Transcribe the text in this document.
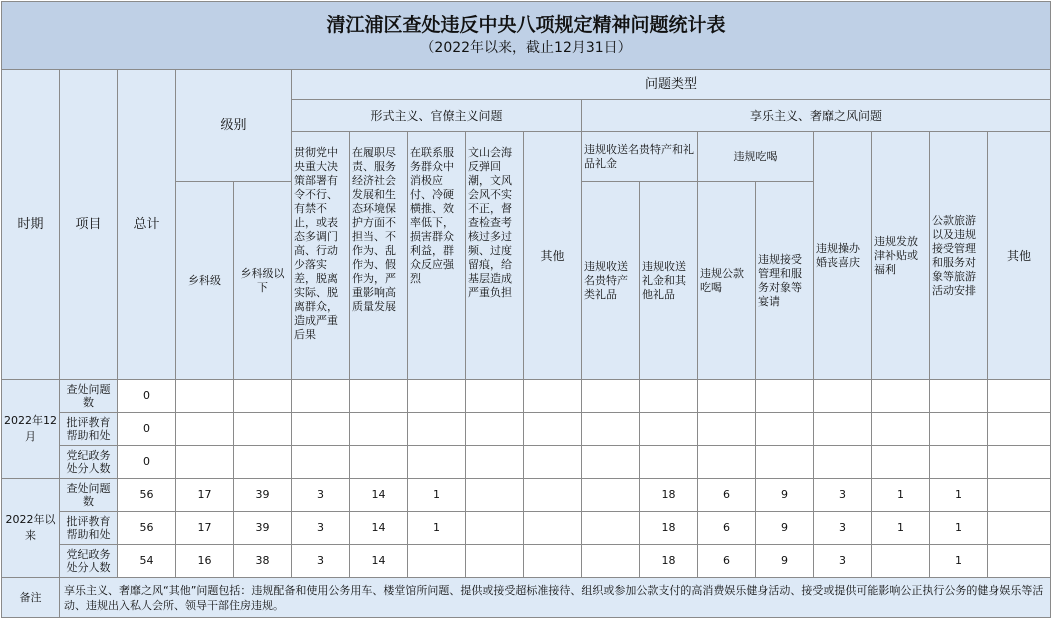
清江浦区查处违反中央八项规定精神问题统计表
（2022年以来，截止12月31日）																	

时期	项目	总计	级别		问题类型												
					形式主义、官僚主义问题					享乐主义、奢靡之风问题							
					贯彻党中央重大决策部署有令不行、有禁不止，或表态多调门高、行动少落实差，脱离实际、脱离群众，造成严重后果	在履职尽责、服务经济社会发展和生态环境保护方面不担当、不作为、乱作为、假作为，严重影响高质量发展	在联系服务群众中消极应付、冷硬横推、效率低下，损害群众利益，群众反应强烈	文山会海反弹回潮，文风会风不实不正，督查检查考核过多过频、过度留痕，给基层造成严重负担	其他	违规收送名贵特产和礼品礼金		违规吃喝		违规操办婚丧喜庆	违规发放津补贴或福利	公款旅游以及违规接受管理和服务对象等旅游活动安排	其他
			乡科级	乡科级以下						违规收送名贵特产类礼品	违规收送礼金和其他礼品	违规公款吃喝	违规接受管理和服务对象等宴请				
2022年12月	查处问题数	0															
	批评教育帮助和处	0															
	党纪政务处分人数	0															
2022年以来	查处问题数	56	17	39	3	14	1				18	6	9	3	1	1	
	批评教育帮助和处	56	17	39	3	14	1				18	6	9	3	1	1	
	党纪政务处分人数	54	16	38	3	14					18	6	9	3		1	
备注	享乐主义、奢靡之风“其他”问题包括：违规配备和使用公务用车、楼堂馆所问题、提供或接受超标准接待、组织或参加公款支付的高消费娱乐健身活动、接受或提供可能影响公正执行公务的健身娱乐等活动、违规出入私人会所、领导干部住房违规。																
